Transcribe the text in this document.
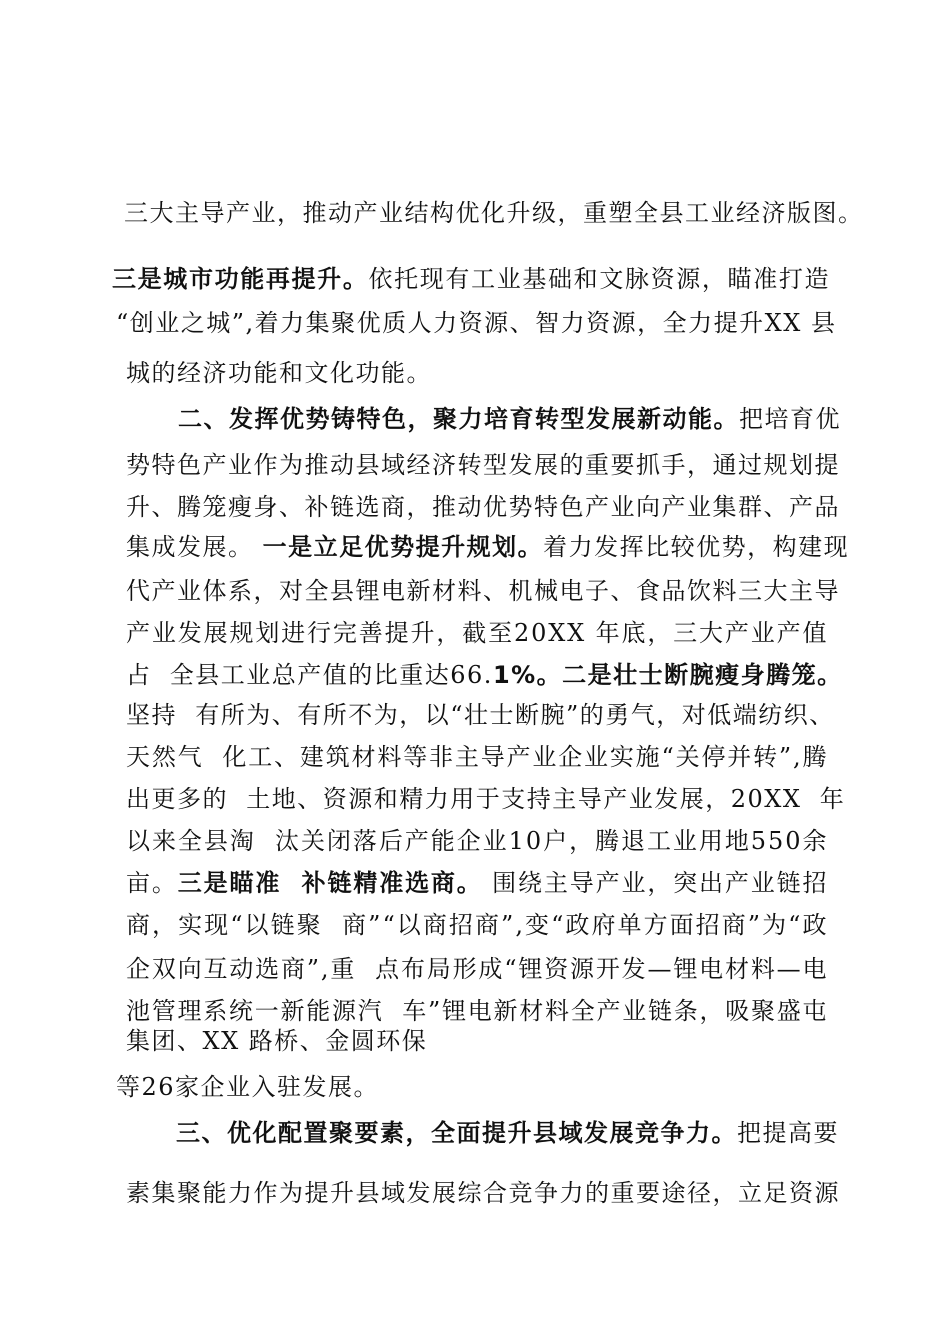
三大主导产业，推动产业结构优化升级，重塑全县工业经济版图。
三是城市功能再提升。依托现有工业基础和文脉资源，瞄准打造
“创业之城”,着力集聚优质人力资源、智力资源，全力提升XX 县
城的经济功能和文化功能。
二、发挥优势铸特色，聚力培育转型发展新动能。把培育优
势特色产业作为推动县域经济转型发展的重要抓手，通过规划提
升、腾笼瘦身、补链选商，推动优势特色产业向产业集群、产品
集成发展。 一是立足优势提升规划。着力发挥比较优势，构建现
代产业体系，对全县锂电新材料、机械电子、食品饮料三大主导
产业发展规划进行完善提升，截至20XX 年底，三大产业产值
占  全县工业总产值的比重达66.1%。二是壮士断腕瘦身腾笼。
坚持  有所为、有所不为，以“壮士断腕”的勇气，对低端纺织、
天然气  化工、建筑材料等非主导产业企业实施“关停并转”,腾
出更多的  土地、资源和精力用于支持主导产业发展，20XX  年
以来全县淘  汰关闭落后产能企业10户，腾退工业用地550余
亩。三是瞄准  补链精准选商。 围绕主导产业，突出产业链招
商，实现“以链聚  商”“以商招商”,变“政府单方面招商”为“政
企双向互动选商”,重  点布局形成“锂资源开发—锂电材料—电
池管理系统一新能源汽  车”锂电新材料全产业链条，吸聚盛屯
集团、XX 路桥、金圆环保
等26家企业入驻发展。
三、优化配置聚要素，全面提升县域发展竞争力。把提高要
素集聚能力作为提升县域发展综合竞争力的重要途径，立足资源
